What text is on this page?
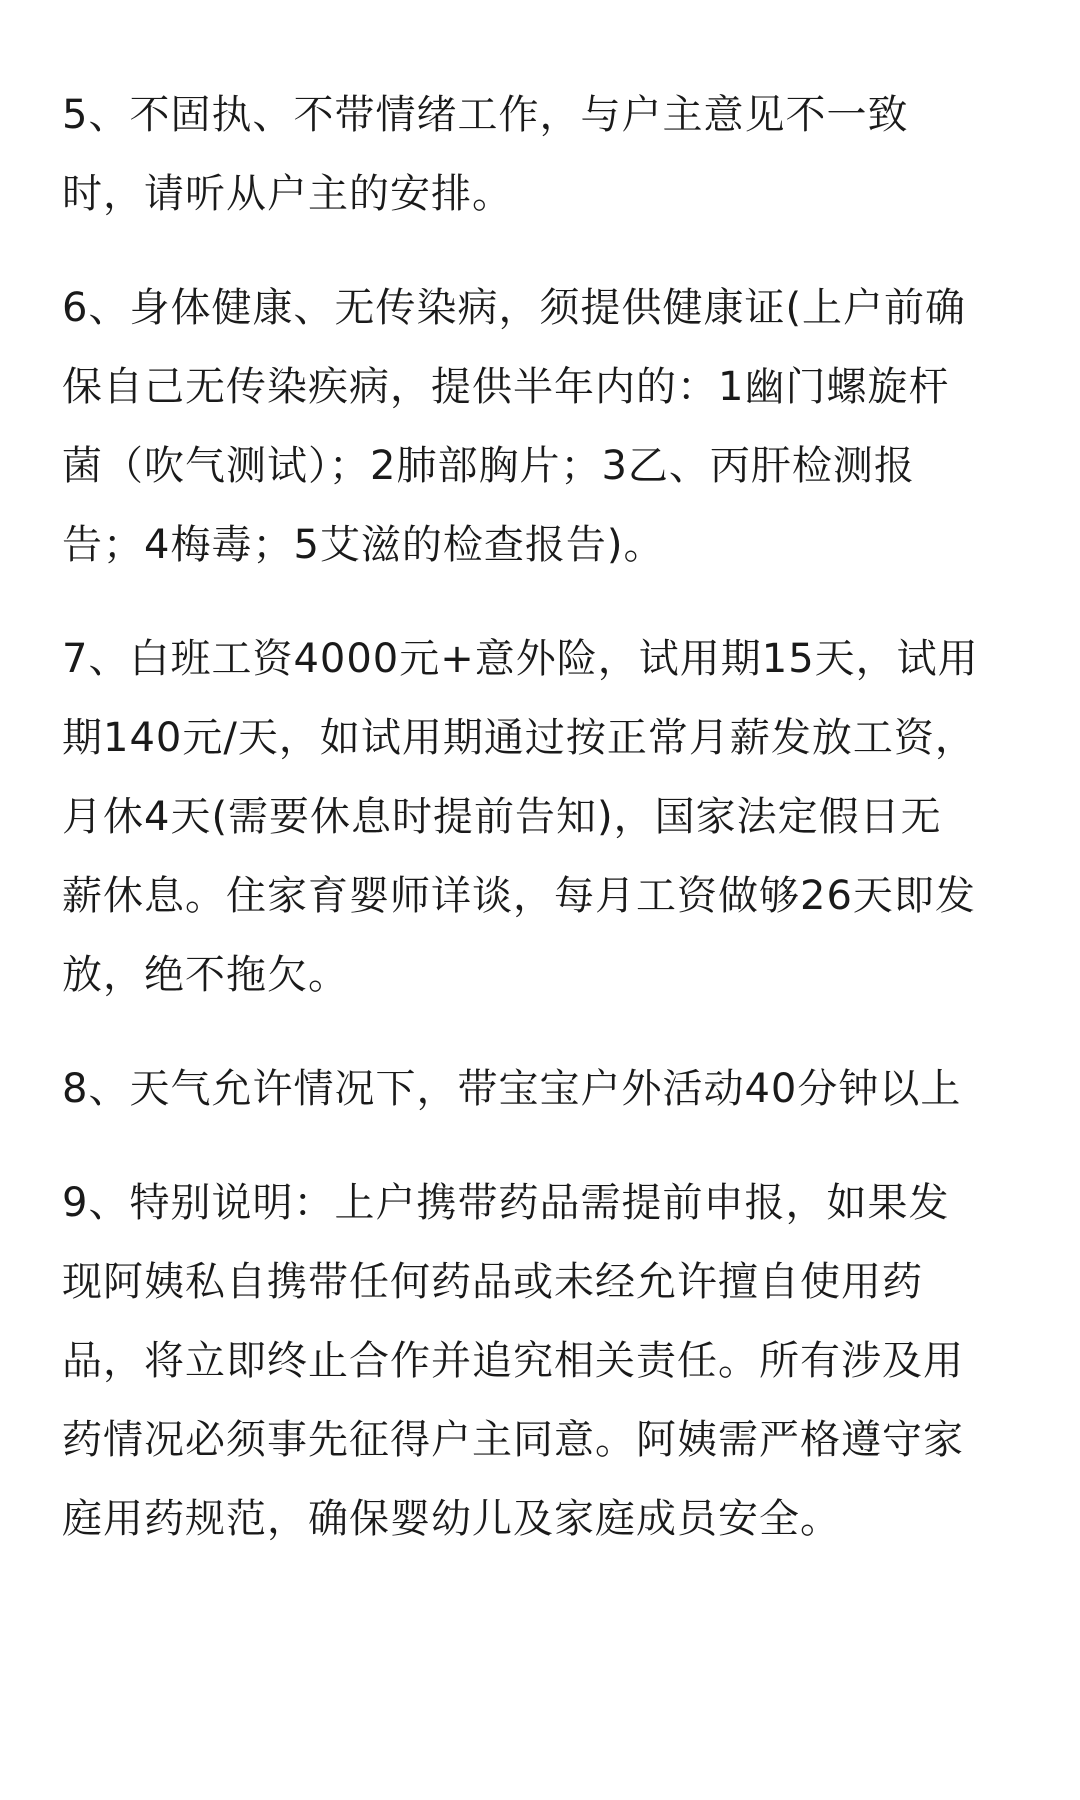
5、不固执、不带情绪工作，与户主意见不一致
时，请听从户主的安排。

6、身体健康、无传染病，须提供健康证(上户前确
保自己无传染疾病，提供半年内的：1幽门螺旋杆
菌（吹气测试）；2肺部胸片；3乙、丙肝检测报
告；4梅毒；5艾滋的检查报告)。

7、白班工资4000元+意外险，试用期15天，试用
期140元/天，如试用期通过按正常月薪发放工资，
月休4天(需要休息时提前告知)，国家法定假日无
薪休息。住家育婴师详谈，每月工资做够26天即发
放，绝不拖欠。

8、天气允许情况下，带宝宝户外活动40分钟以上

9、特别说明：上户携带药品需提前申报，如果发
现阿姨私自携带任何药品或未经允许擅自使用药
品，将立即终止合作并追究相关责任。所有涉及用
药情况必须事先征得户主同意。阿姨需严格遵守家
庭用药规范，确保婴幼儿及家庭成员安全。
